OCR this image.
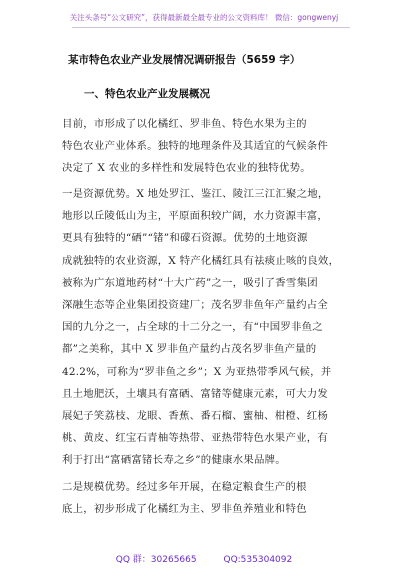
关注头条号“公文研究”，获得最新最全最专业的公文资料库！ 微信：gongwenyj
某市特色农业产业发展情况调研报告（5659 字）
一、特色农业产业发展概况
目前，市形成了以化橘红、罗非鱼、特色水果为主的
特色农业产业体系。独特的地理条件及其适宜的气候条件
决定了 X 农业的多样性和发展特色农业的独特优势。
一是资源优势。X 地处罗江、鉴江、陵江三江汇聚之地，
地形以丘陵低山为主，平原面积较广阔，水力资源丰富，
更具有独特的“硒”“锗”和礞石资源。优势的土地资源
成就独特的农业资源，X 特产化橘红具有祛痰止咳的良效，
被称为广东道地药材“十大广药”之一，吸引了香雪集团
深融生态等企业集团投资建厂；茂名罗非鱼年产量约占全
国的九分之一，占全球的十二分之一，有“中国罗非鱼之
都”之美称，其中 X 罗非鱼产量约占茂名罗非鱼产量的
42.2%，可称为“罗非鱼之乡”；X 为亚热带季风气候，并
且土地肥沃，土壤具有富硒、富锗等健康元素，可大力发
展妃子笑荔枝、龙眼、香蕉、番石榴、蜜柚、柑橙、红杨
桃、黄皮、红宝石青柚等热带、亚热带特色水果产业，有
利于打出“富硒富锗长寿之乡”的健康水果品牌。
二是规模优势。经过多年开展，在稳定粮食生产的根
底上，初步形成了化橘红为主、罗非鱼养殖业和特色
QQ 群：30265665	QQ:535304092
